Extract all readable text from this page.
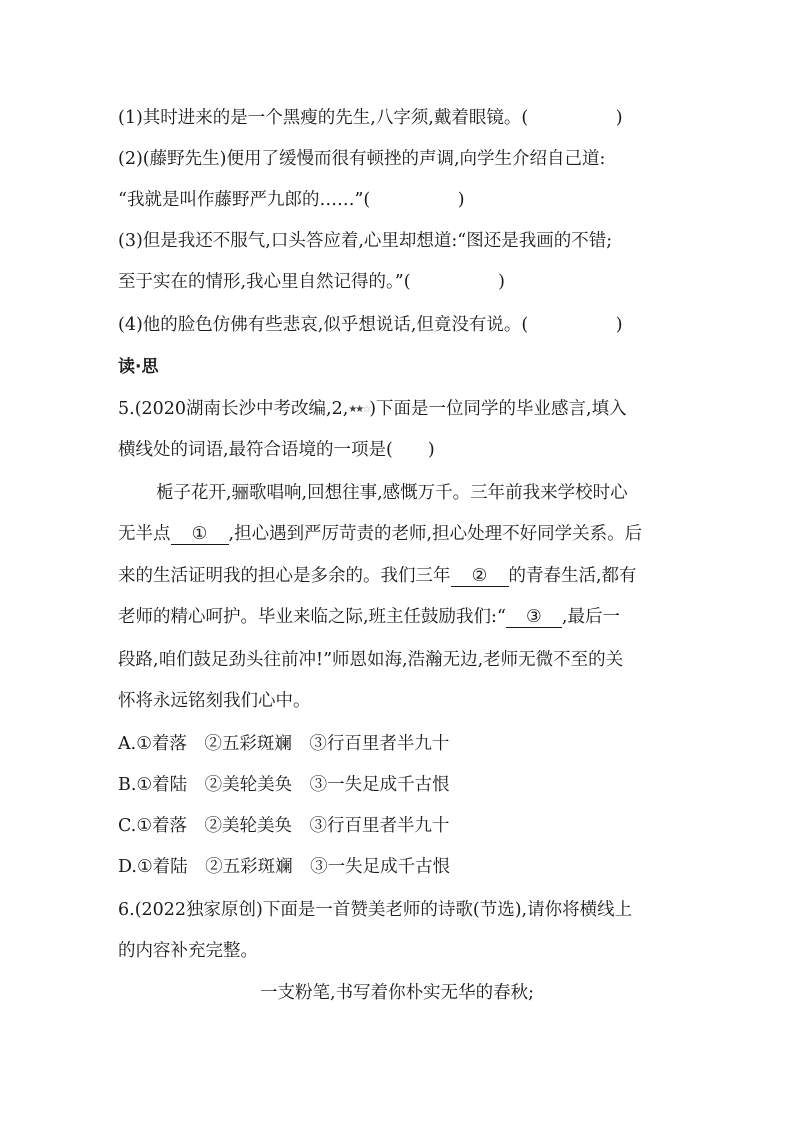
(1)其时进来的是一个黑瘦的先生,八字须,戴着眼镜。(　　　　　)
(2)(藤野先生)便用了缓慢而很有顿挫的声调,向学生介绍自己道:
“我就是叫作藤野严九郎的……”(　　　　　)
(3)但是我还不服气,口头答应着,心里却想道:“图还是我画的不错;
至于实在的情形,我心里自然记得的。”(　　　　　)
(4)他的脸色仿佛有些悲哀,似乎想说话,但竟没有说。(　　　　　)
读·思
5.(2020湖南长沙中考改编,2,★★☆)下面是一位同学的毕业感言,填入
横线处的词语,最符合语境的一项是(　　)
栀子花开,骊歌唱响,回想往事,感慨万千。三年前我来学校时心
无半点 ① ,担心遇到严厉苛责的老师,担心处理不好同学关系。后
来的生活证明我的担心是多余的。我们三年 ② 的青春生活,都有
老师的精心呵护。毕业来临之际,班主任鼓励我们:“ ③ ,最后一
段路,咱们鼓足劲头往前冲!”师恩如海,浩瀚无边,老师无微不至的关
怀将永远铭刻我们心中。
A.①着落　②五彩斑斓　③行百里者半九十
B.①着陆　②美轮美奂　③一失足成千古恨
C.①着落　②美轮美奂　③行百里者半九十
D.①着陆　②五彩斑斓　③一失足成千古恨
6.(2022独家原创)下面是一首赞美老师的诗歌(节选),请你将横线上
的内容补充完整。
一支粉笔,书写着你朴实无华的春秋;
